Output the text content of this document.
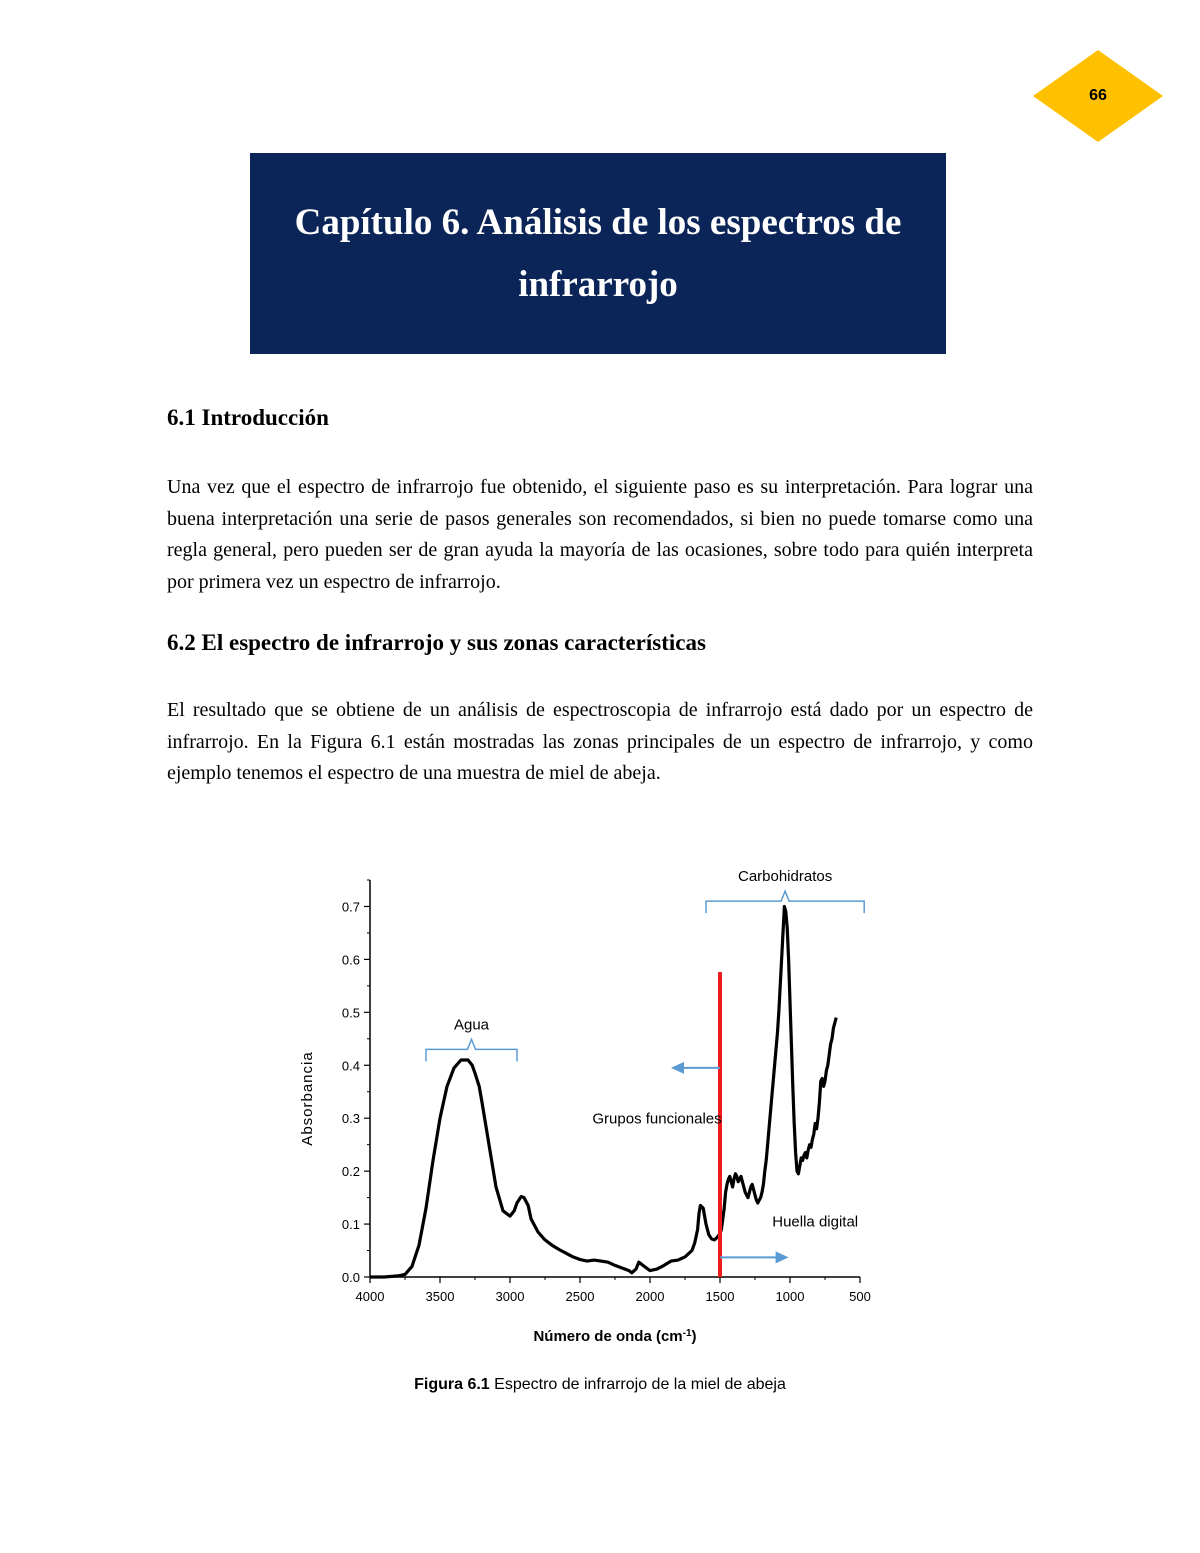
66
Capítulo 6. Análisis de los espectros de infrarrojo
6.1 Introducción

Una vez que el espectro de infrarrojo fue obtenido, el siguiente paso es su interpretación. Para lograr una buena interpretación una serie de pasos generales son recomendados, si bien no puede tomarse como una regla general, pero pueden ser de gran ayuda la mayoría de las ocasiones, sobre todo para quién interpreta por primera vez un espectro de infrarrojo.

6.2 El espectro de infrarrojo y sus zonas características

El resultado que se obtiene de un análisis de espectroscopia de infrarrojo está dado por un espectro de infrarrojo. En la Figura 6.1 están mostradas las zonas principales de un espectro de infrarrojo, y como ejemplo tenemos el espectro de una muestra de miel de abeja.

4000	3500	3000	2500	2000	1500	1000	500
0.0
0.1
0.2
0.3
0.4
0.5
0.6
0.7
Número de onda $(cm^{-1})$
Absorbancia
Agua
Carbohidratos
Grupos funcionales
Huella digital
Figura 6.1 Espectro de infrarrojo de la miel de abeja
